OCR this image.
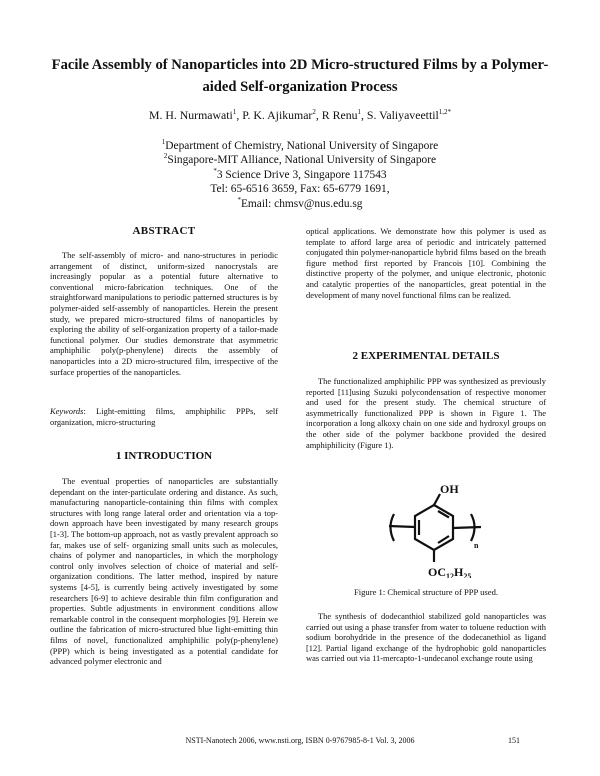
Facile Assembly of Nanoparticles into 2D Micro-structured Films by a Polymer-
aided Self-organization Process
M. H. Nurmawati$^1$, P. K. Ajikumar$^2$, R Renu$^1$, S. Valiyaveettil$^{1,2*}$
$^1$Department of Chemistry, National University of Singapore
$^2$Singapore-MIT Alliance, National University of Singapore
*3 Science Drive 3, Singapore 117543
Tel: 65-6516 3659, Fax: 65-6779 1691,
*Email: chmsv@nus.edu.sg
ABSTRACT

The self-assembly of micro- and nano-structures in periodic arrangement of distinct, uniform-sized nanocrystals are increasingly popular as a potential future alternative to conventional micro-fabrication techniques. One of the straightforward manipulations to periodic patterned structures is by polymer-aided self-assembly of nanoparticles. Herein the present study, we prepared micro-structured films of nanoparticles by exploring the ability of self-organization property of a tailor-made functional polymer. Our studies demonstrate that asymmetric amphiphilic poly(p-phenylene) directs the assembly of nanoparticles into a 2D micro-structured film, irrespective of the surface properties of the nanoparticles.

Keywords: Light-emitting films, amphiphilic PPPs, self organization, micro-structuring

1 INTRODUCTION

The eventual properties of nanoparticles are substantially dependant on the inter-particulate ordering and distance. As such, manufacturing nanoparticle-containing thin films with complex structures with long range lateral order and orientation via a top-down approach have been investigated by many research groups [1-3]. The bottom-up approach, not as vastly prevalent approach so far, makes use of self- organizing small units such as molecules, chains of polymer and nanoparticles, in which the morphology control only involves selection of choice of material and self-organization conditions. The latter method, inspired by nature systems [4-5], is currently being actively investigated by some researchers [6-9] to achieve desirable thin film configuration and properties. Subtle adjustments in environment conditions allow remarkable control in the consequent morphologies [9]. Herein we outline the fabrication of micro-structured blue light-emitting thin films of novel, functionalized amphiphilic poly(p-phenylene) (PPP) which is being investigated as a potential candidate for advanced polymer electronic and

optical applications. We demonstrate how this polymer is used as template to afford large area of periodic and intricately patterned conjugated thin polymer-nanoparticle hybrid films based on the breath figure method first reported by Francois [10]. Combining the distinctive property of the polymer, and unique electronic, photonic and catalytic properties of the nanoparticles, great potential in the development of many novel functional films can be realized.

2 EXPERIMENTAL DETAILS

The functionalized amphiphilic PPP was synthesized as previously reported [11]using Suzuki polycondensation of respective monomer and used for the present study. The chemical structure of asymmetrically functionalized PPP is shown in Figure 1. The incorporation a long alkoxy chain on one side and hydroxyl groups on the other side of the polymer backbone provided the desired amphiphilicity (Figure 1).

OH
n
$OC_{12}H_{25}$
Figure 1: Chemical structure of PPP used.

The synthesis of dodecanthiol stabilized gold nanoparticles was carried out using a phase transfer from water to toluene reduction with sodium borohydride in the presence of the dodecanethiol as ligand [12]. Partial ligand exchange of the hydrophobic gold nanoparticles was carried out via 11-mercapto-1-undecanol exchange route using

NSTI-Nanotech 2006, www.nsti.org, ISBN 0-9767985-8-1 Vol. 3, 2006	151
